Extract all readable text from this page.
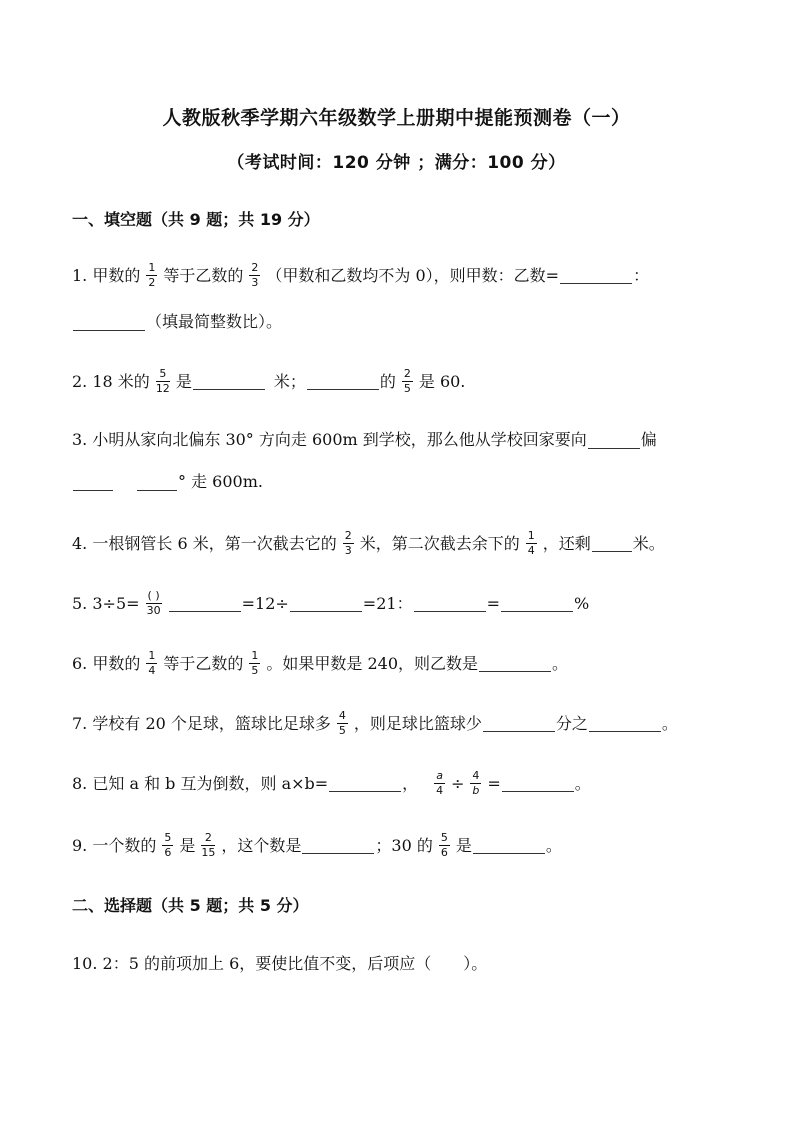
人教版秋季学期六年级数学上册期中提能预测卷（一）
（考试时间：120 分钟 ；满分：100 分）
一、填空题（共 9 题；共 19 分）
1. 甲数的 $\frac{1}{2}$ 等于乙数的 $\frac{2}{3}$ （甲数和乙数均不为 0），则甲数：乙数=	：
（填最简整数比）。
2. 18 米的 $\frac{5}{12}$ 是	米；	的 $\frac{2}{5}$ 是 60.
3. 小明从家向北偏东 30° 方向走 600m 到学校，那么他从学校回家要向	偏
° 走 600m.
4. 一根钢管长 6 米，第一次截去它的 $\frac{2}{3}$ 米，第二次截去余下的 $\frac{1}{4}$ ，还剩	米。
5. $3\div 5= \frac{( )}{30}$	=12÷	=21：	=	%
6. 甲数的 $\frac{1}{4}$ 等于乙数的 $\frac{1}{5}$ 。如果甲数是 240，则乙数是	。
7. 学校有 20 个足球，篮球比足球多 $\frac{4}{5}$ ，则足球比篮球少	分之	。
8. 已知 a 和 b 互为倒数，则 a×b=	， $\frac{a}{4} \div \frac{4}{b}$ =	。
9. 一个数的 $\frac{5}{6}$ 是 $\frac{2}{15}$ ，这个数是	；30 的 $\frac{5}{6}$ 是	。
二、选择题（共 5 题；共 5 分）
10. 2：5 的前项加上 6，要使比值不变，后项应（　　）。
